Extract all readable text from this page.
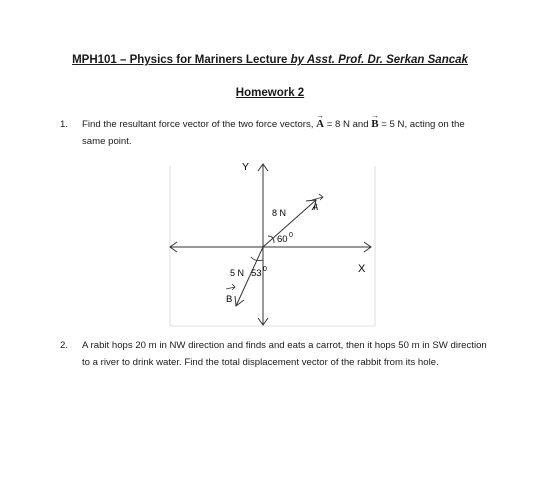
MPH101 – Physics for Mariners Lecture by Asst. Prof. Dr. Serkan Sancak
Homework 2
1. Find the resultant force vector of the two force vectors,
→
A = 8 N and
→
B = 5 N, acting on the same point.
Y
X
8 N	A
60 0
5 N 53 0
B
2. A rabit hops 20 m in NW direction and finds and eats a carrot, then it hops 50 m in SW direction to a river to drink water. Find the total displacement vector of the rabbit from its hole.
